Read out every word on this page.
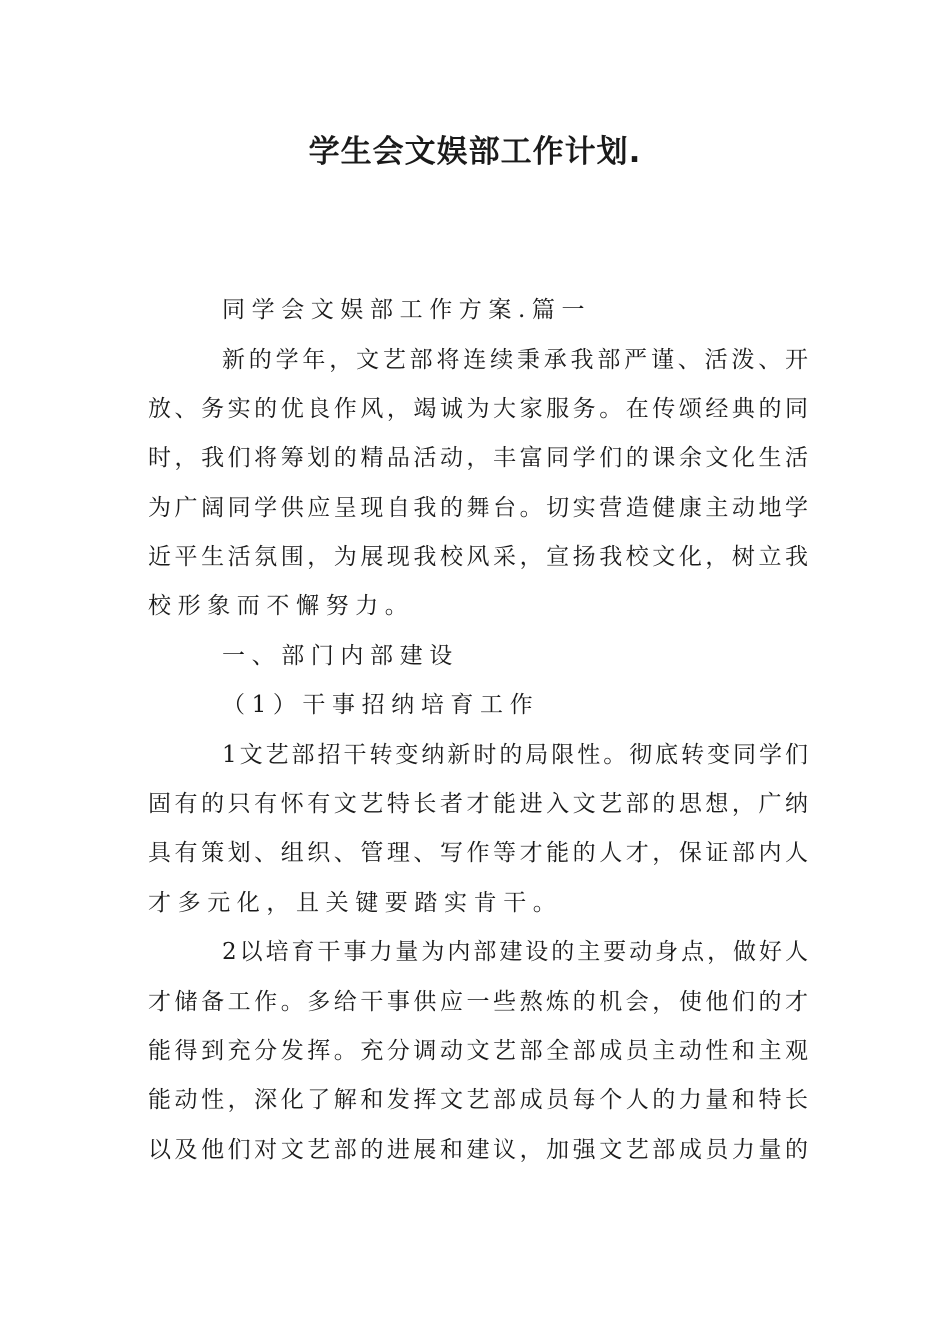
学生会文娱部工作计划.
同学会文娱部工作方案.篇一
新的学年，文艺部将连续秉承我部严谨、活泼、开
放、务实的优良作风，竭诚为大家服务。在传颂经典的同
时，我们将筹划的精品活动，丰富同学们的课余文化生活
为广阔同学供应呈现自我的舞台。切实营造健康主动地学
近平生活氛围，为展现我校风采，宣扬我校文化，树立我
校形象而不懈努力。
一、部门内部建设
（1）干事招纳培育工作
1文艺部招干转变纳新时的局限性。彻底转变同学们
固有的只有怀有文艺特长者才能进入文艺部的思想，广纳
具有策划、组织、管理、写作等才能的人才，保证部内人
才多元化，且关键要踏实肯干。
2以培育干事力量为内部建设的主要动身点，做好人
才储备工作。多给干事供应一些熬炼的机会，使他们的才
能得到充分发挥。充分调动文艺部全部成员主动性和主观
能动性，深化了解和发挥文艺部成员每个人的力量和特长
以及他们对文艺部的进展和建议，加强文艺部成员力量的
